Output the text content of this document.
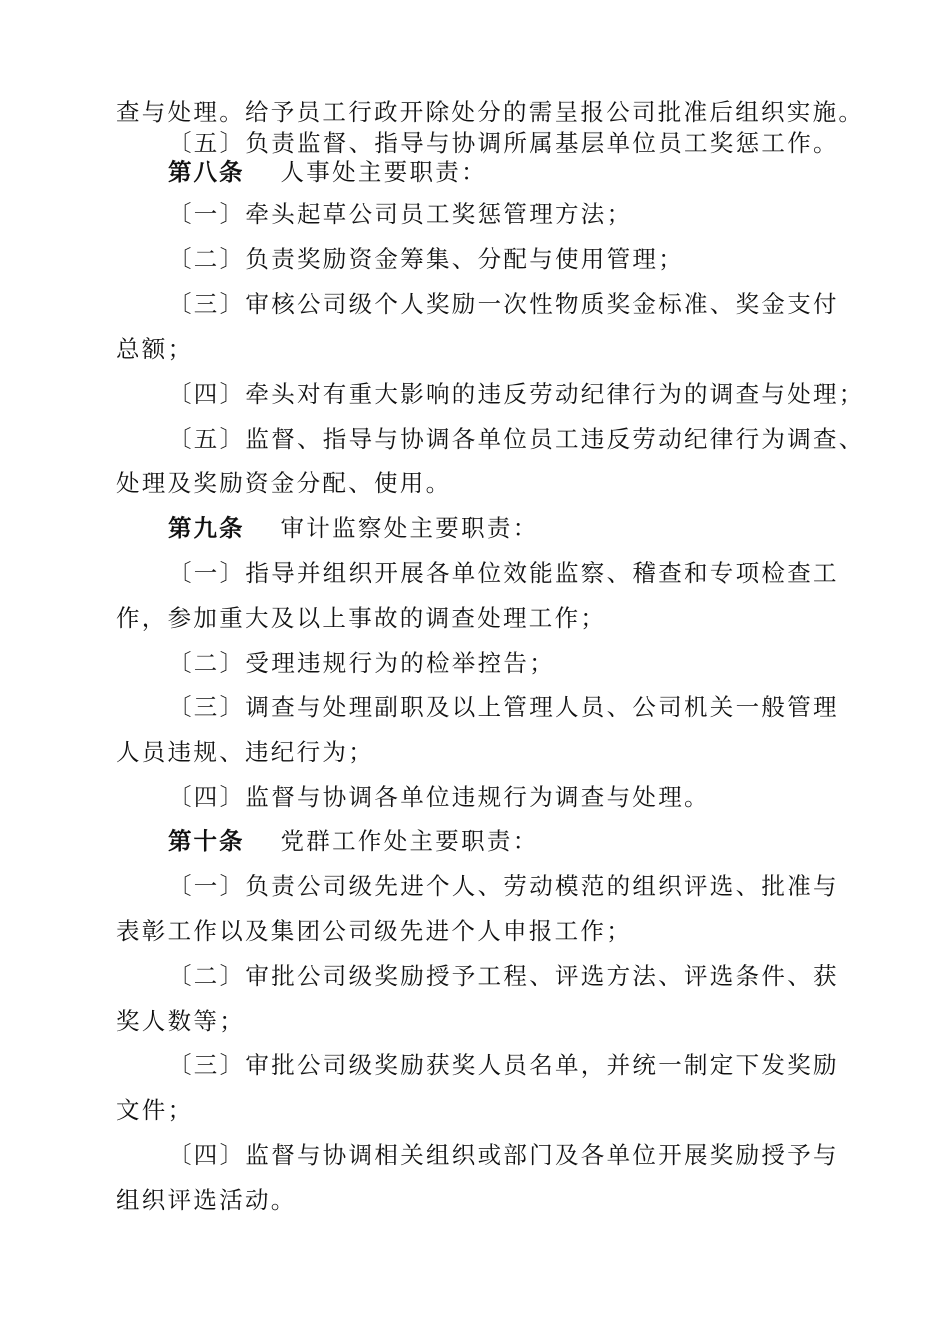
查与处理。给予员工行政开除处分的需呈报公司批准后组织实施。
〔五〕负责监督、指导与协调所属基层单位员工奖惩工作。
第八条 人事处主要职责：
〔一〕牵头起草公司员工奖惩管理方法；
〔二〕负责奖励资金筹集、分配与使用管理；
〔三〕审核公司级个人奖励一次性物质奖金标准、奖金支付
总额；
〔四〕牵头对有重大影响的违反劳动纪律行为的调查与处理；
〔五〕监督、指导与协调各单位员工违反劳动纪律行为调查、
处理及奖励资金分配、使用。
第九条 审计监察处主要职责：
〔一〕指导并组织开展各单位效能监察、稽查和专项检查工
作，参加重大及以上事故的调查处理工作；
〔二〕受理违规行为的检举控告；
〔三〕调查与处理副职及以上管理人员、公司机关一般管理
人员违规、违纪行为；
〔四〕监督与协调各单位违规行为调查与处理。
第十条 党群工作处主要职责：
〔一〕负责公司级先进个人、劳动模范的组织评选、批准与
表彰工作以及集团公司级先进个人申报工作；
〔二〕审批公司级奖励授予工程、评选方法、评选条件、获
奖人数等；
〔三〕审批公司级奖励获奖人员名单，并统一制定下发奖励
文件；
〔四〕监督与协调相关组织或部门及各单位开展奖励授予与
组织评选活动。
